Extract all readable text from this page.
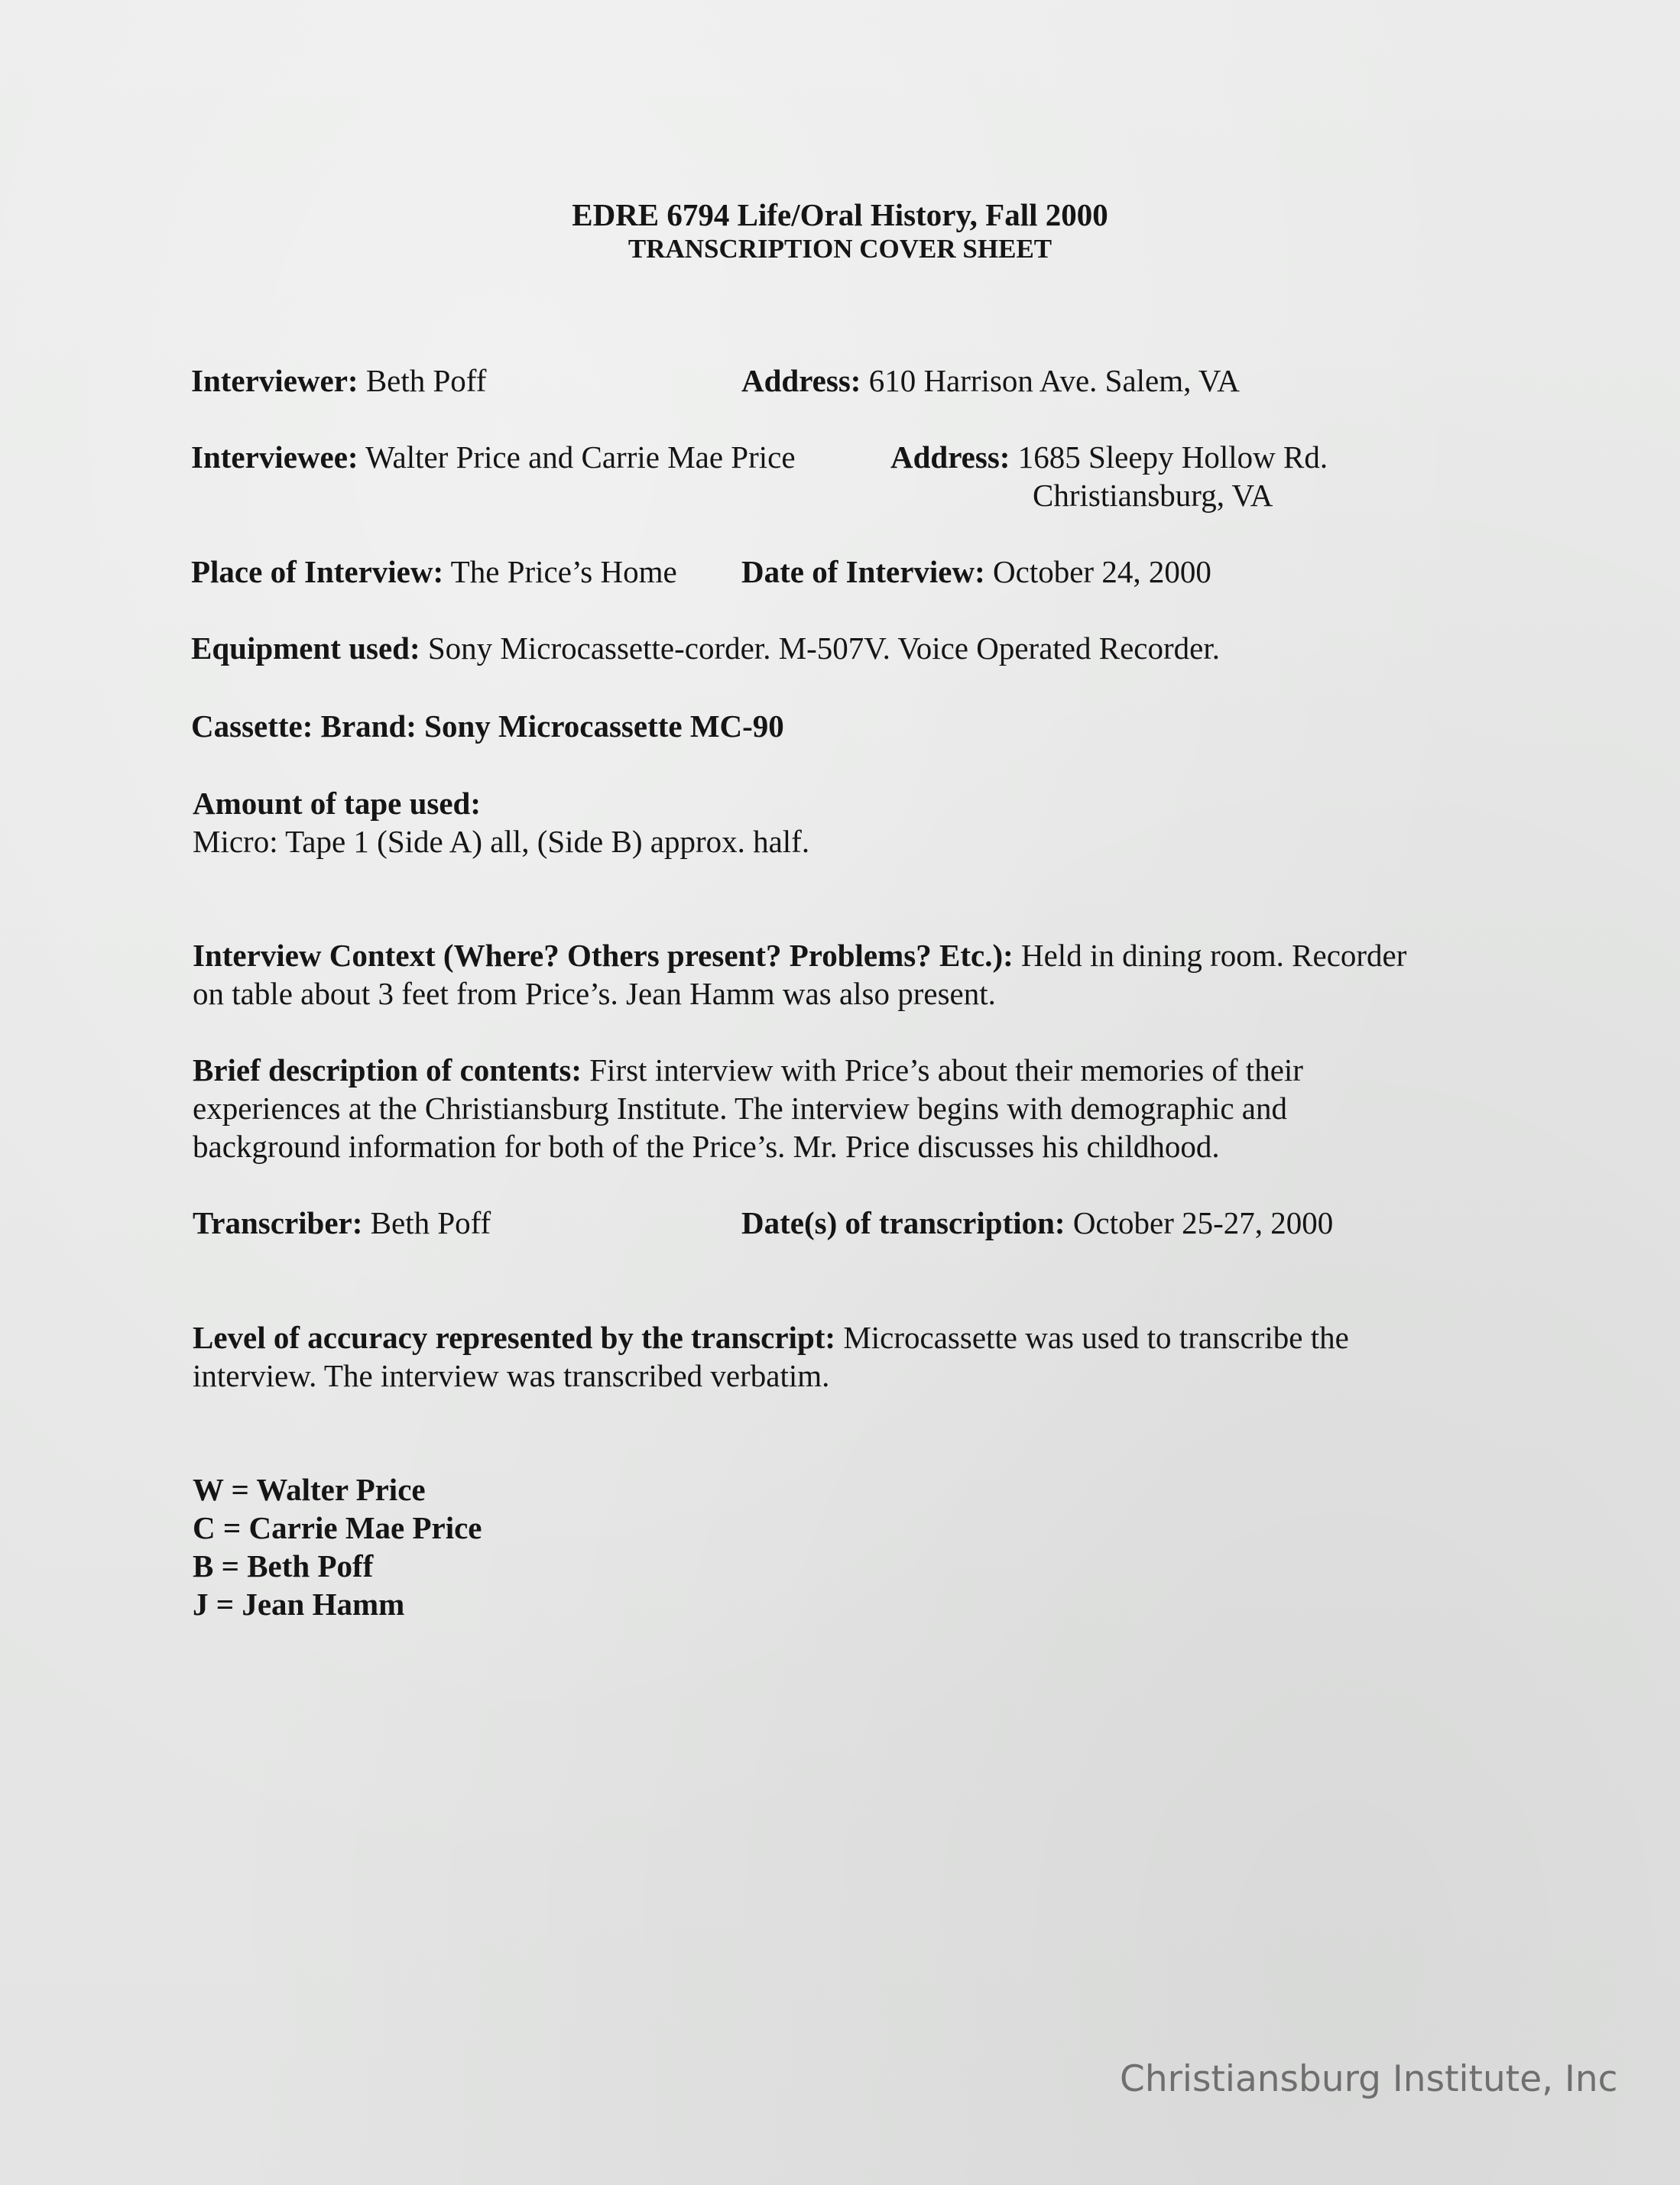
EDRE 6794 Life/Oral History, Fall 2000
TRANSCRIPTION COVER SHEET
Interviewer: Beth Poff	Address: 610 Harrison Ave. Salem, VA
Interviewee: Walter Price and Carrie Mae Price	Address: 1685 Sleepy Hollow Rd.
Christiansburg, VA
Place of Interview: The Price’s Home Date of Interview: October 24, 2000
Equipment used: Sony Microcassette-corder. M-507V. Voice Operated Recorder.
Cassette: Brand: Sony Microcassette MC-90
Amount of tape used:
Micro: Tape 1 (Side A) all, (Side B) approx. half.
Interview Context (Where? Others present? Problems? Etc.): Held in dining room. Recorder
on table about 3 feet from Price’s. Jean Hamm was also present.
Brief description of contents: First interview with Price’s about their memories of their
experiences at the Christiansburg Institute. The interview begins with demographic and
background information for both of the Price’s. Mr. Price discusses his childhood.
Transcriber: Beth Poff	Date(s) of transcription: October 25-27, 2000
Level of accuracy represented by the transcript: Microcassette was used to transcribe the
interview. The interview was transcribed verbatim.
W = Walter Price
C = Carrie Mae Price
B = Beth Poff
J = Jean Hamm
Christiansburg Institute, Inc
